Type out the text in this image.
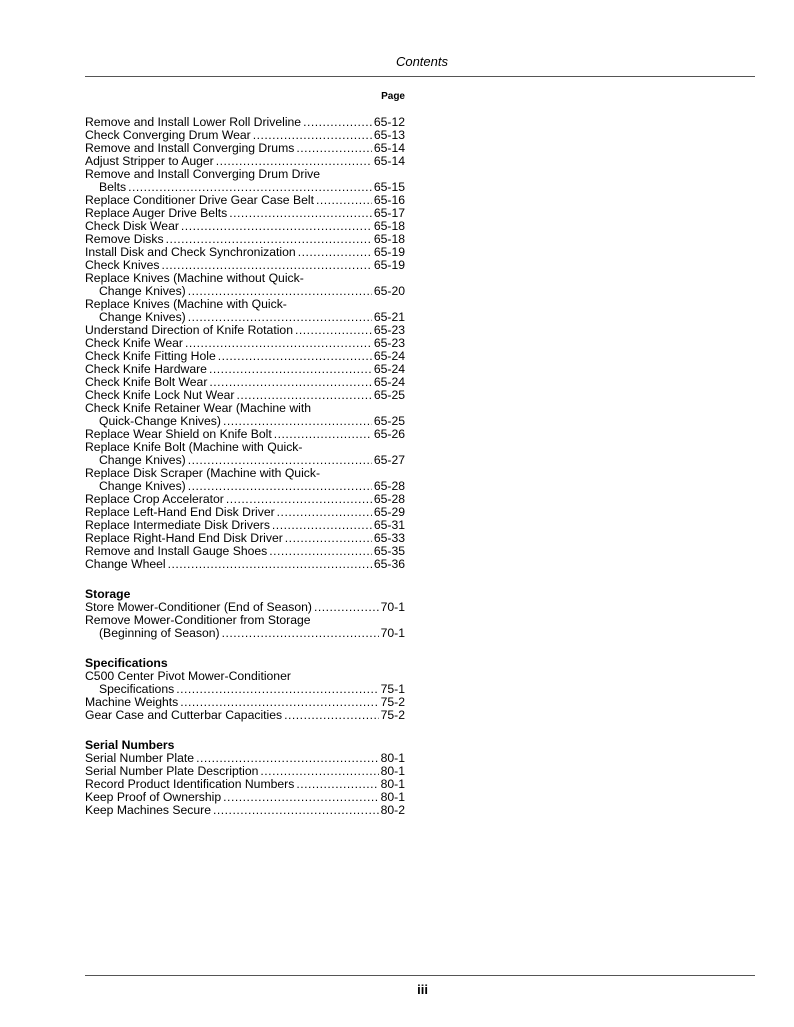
Contents
Page
Remove and Install Lower Roll Driveline .....	65-12
Check Converging Drum Wear .....	65-13
Remove and Install Converging Drums .....	65-14
Adjust Stripper to Auger .....	65-14
Remove and Install Converging Drum Drive
Belts .....	65-15
Replace Conditioner Drive Gear Case Belt .....	65-16
Replace Auger Drive Belts .....	65-17
Check Disk Wear .....	65-18
Remove Disks .....	65-18
Install Disk and Check Synchronization .....	65-19
Check Knives .....	65-19
Replace Knives (Machine without Quick-
Change Knives) .....	65-20
Replace Knives (Machine with Quick-
Change Knives) .....	65-21
Understand Direction of Knife Rotation .....	65-23
Check Knife Wear .....	65-23
Check Knife Fitting Hole .....	65-24
Check Knife Hardware .....	65-24
Check Knife Bolt Wear .....	65-24
Check Knife Lock Nut Wear .....	65-25
Check Knife Retainer Wear (Machine with
Quick-Change Knives) .....	65-25
Replace Wear Shield on Knife Bolt .....	65-26
Replace Knife Bolt (Machine with Quick-
Change Knives) .....	65-27
Replace Disk Scraper (Machine with Quick-
Change Knives) .....	65-28
Replace Crop Accelerator .....	65-28
Replace Left-Hand End Disk Driver .....	65-29
Replace Intermediate Disk Drivers .....	65-31
Replace Right-Hand End Disk Driver .....	65-33
Remove and Install Gauge Shoes .....	65-35
Change Wheel .....	65-36
Storage
Store Mower-Conditioner (End of Season) .....	70-1
Remove Mower-Conditioner from Storage
(Beginning of Season) .....	70-1
Specifications
C500 Center Pivot Mower-Conditioner
Specifications .....	75-1
Machine Weights .....	75-2
Gear Case and Cutterbar Capacities .....	75-2
Serial Numbers
Serial Number Plate .....	80-1
Serial Number Plate Description .....	80-1
Record Product Identification Numbers .....	80-1
Keep Proof of Ownership .....	80-1
Keep Machines Secure .....	80-2
iii
